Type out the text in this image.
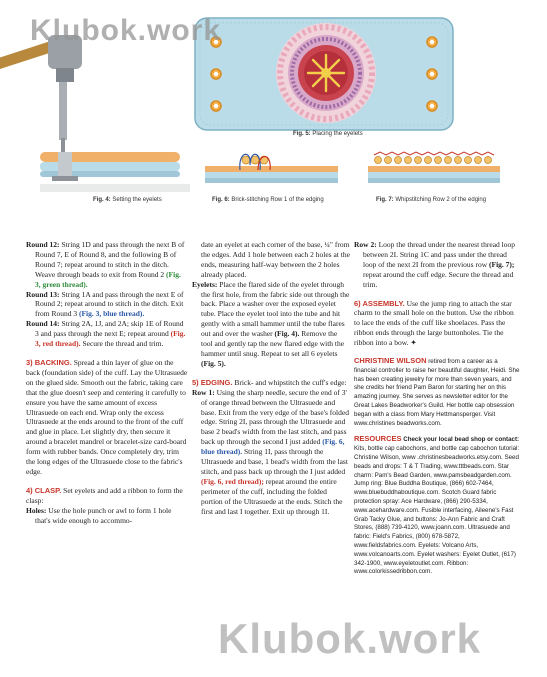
Fig. 5: Placing the eyelets
Fig. 4: Setting the eyelets	Fig. 6: Brick-stitching Row 1 of the edging	Fig. 7: Whipstitching Row 2 of the edging

Round 12: String 1D and pass through the next B of Round 7, E of Round 8, and the following B of Round 7; repeat around to stitch in the ditch. Weave through beads to exit from Round 2 (Fig. 3, green thread).

Round 13: String 1A and pass through the next E of Round 2; repeat around to stitch in the ditch. Exit from Round 3 (Fig. 3, blue thread).

Round 14: String 2A, 1J, and 2A; skip 1E of Round 3 and pass through the next E; repeat around (Fig. 3, red thread). Secure the thread and trim.

3) BACKING. Spread a thin layer of glue on the back (foundation side) of the cuff. Lay the Ultrasuede on the glued side. Smooth out the fabric, taking care that the glue doesn't seep and centering it carefully to ensure you have the same amount of excess Ultrasuede on each end. Wrap only the excess Ultrasuede at the ends around to the front of the cuff and glue in place. Let slightly dry, then secure it around a bracelet mandrel or bracelet-size card-board form with rubber bands. Once completely dry, trim the long edges of the Ultrasuede close to the fabric's edge.

4) CLASP. Set eyelets and add a ribbon to form the clasp:

Holes: Use the hole punch or awl to form 1 hole that's wide enough to accommo-

date an eyelet at each corner of the base, ¼" from the edges. Add 1 hole between each 2 holes at the ends, measuring half-way between the 2 holes already placed.

Eyelets: Place the flared side of the eyelet through the first hole, from the fabric side out through the back. Place a washer over the exposed eyelet tube. Place the eyelet tool into the tube and hit gently with a small hammer until the tube flares out and over the washer (Fig. 4). Remove the tool and gently tap the new flared edge with the hammer until snug. Repeat to set all 6 eyelets (Fig. 5).

5) EDGING. Brick- and whipstitch the cuff's edge:

Row 1: Using the sharp needle, secure the end of 3' of orange thread between the Ultrasuede and base. Exit from the very edge of the base's folded edge. String 2I, pass through the Ultrasuede and base 2 bead's width from the last stitch, and pass back up through the second I just added (Fig. 6, blue thread). String 1I, pass through the Ultrasuede and base, 1 bead's width from the last stitch, and pass back up through the I just added (Fig. 6, red thread); repeat around the entire perimeter of the cuff, including the folded portion of the Ultrasuede at the ends. Stitch the first and last I together. Exit up through 1I.

Row 2: Loop the thread under the nearest thread loop between 2I. String 1C and pass under the thread loop of the next 2I from the previous row (Fig. 7); repeat around the cuff edge. Secure the thread and trim.

6) ASSEMBLY. Use the jump ring to attach the star charm to the small hole on the button. Use the ribbon to lace the ends of the cuff like shoelaces. Pass the ribbon ends through the large buttonholes. Tie the ribbon into a bow. ✦

CHRISTINE WILSON retired from a career as a financial controller to raise her beautiful daughter, Heidi. She has been creating jewelry for more than seven years, and she credits her friend Pam Baron for starting her on this amazing journey. She serves as newsletter editor for the Great Lakes Beadworker's Guild. Her bottle cap obsession began with a class from Mary Hettmansperger. Visit www.christines beadworks.com.

RESOURCES Check your local bead shop or contact: Kits, bottle cap cabochons, and bottle cap cabochon tutorial: Christine Wilson, www .christinesbeadworks.etsy.com. Seed beads and drops: T & T Trading, www.tttbeads.com. Star charm: Pam's Bead Garden, www.pamsbeadgarden.com. Jump ring: Blue Buddha Boutique, (866) 602-7464, www.bluebuddhaboutique.com. Scotch Guard fabric protection spray: Ace Hardware, (866) 290-5334, www.acehardware.com. Fusible interfacing, Aileene's Fast Grab Tacky Glue, and buttons: Jo-Ann Fabric and Craft Stores, (888) 739-4120, www.joann.com. Ultrasuede and fabric: Field's Fabrics, (800) 678-5872, www.fieldsfabrics.com. Eyelets: Volcano Arts, www.volcanoarts.com. Eyelet washers: Eyelet Outlet, (617) 342-1900, www.eyeletoutlet.com. Ribbon: www.colorkissedribbon.com.

Klubok.work
Klubok.work
